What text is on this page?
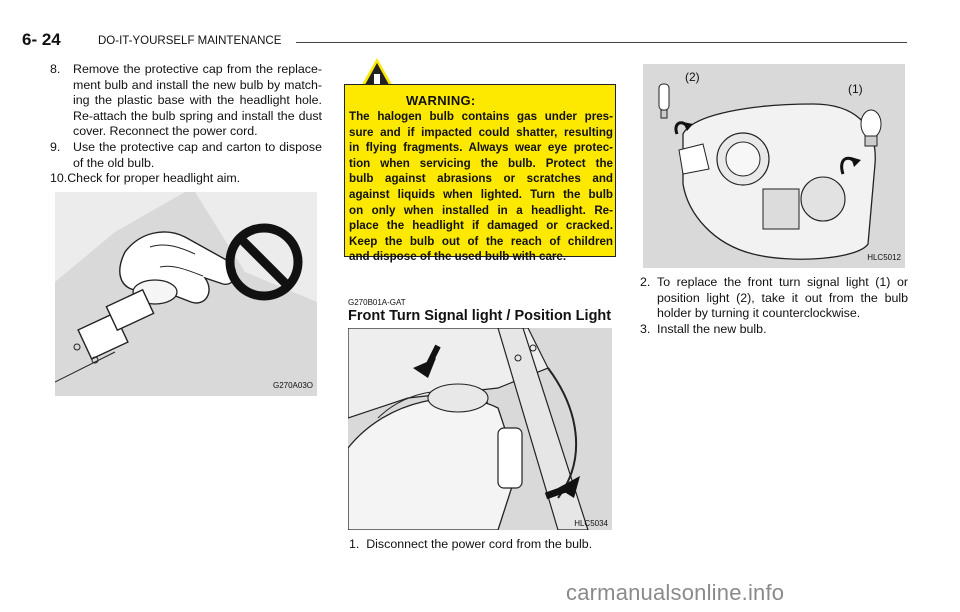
6- 24	DO-IT-YOURSELF MAINTENANCE
8. Remove the protective cap from the replace-
ment bulb and install the new bulb by match-
ing the plastic base with the headlight hole.
Re-attach the bulb spring and install the dust
cover. Reconnect the power cord.
9. Use the protective cap and carton to dispose
of the old bulb.
10.Check for proper headlight aim.
G270A03O
WARNING:
The halogen bulb contains gas under pres-
sure and if impacted could shatter, resulting
in flying fragments. Always wear eye protec-
tion when servicing the bulb. Protect the
bulb against abrasions or scratches and
against liquids when lighted. Turn the bulb
on only when installed in a headlight. Re-
place the headlight if damaged or cracked.
Keep the bulb out of the reach of children
and dispose of the used bulb with care.
G270B01A-GAT
Front Turn Signal light / Position Light
HLC5034
1. Disconnect the power cord from the bulb.
(2)
(1)
HLC5012
2. To replace the front turn signal light (1) or
position light (2), take it out from the bulb
holder by turning it counterclockwise.
3. Install the new bulb.
carmanualsonline.info
